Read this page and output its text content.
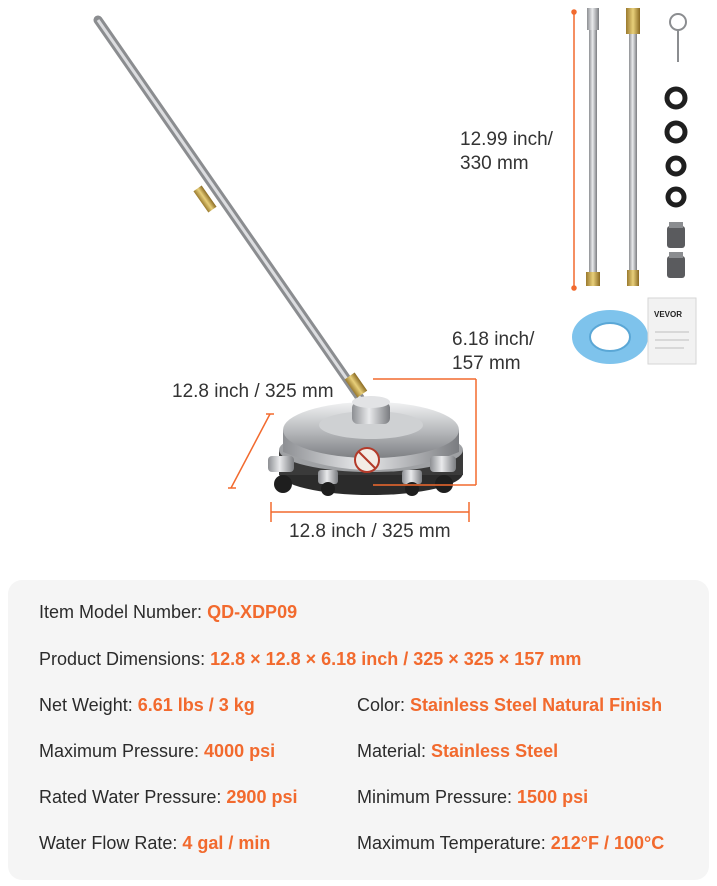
12.99 inch/
330 mm
6.18 inch/
157 mm
12.8 inch / 325 mm
12.8 inch / 325 mm
VEVOR
Item Model Number: QD-XDP09
Product Dimensions: 12.8 × 12.8 × 6.18 inch / 325 × 325 × 157 mm
Net Weight: 6.61 lbs / 3 kg	Color: Stainless Steel Natural Finish
Maximum Pressure: 4000 psi	Material: Stainless Steel
Rated Water Pressure: 2900 psi	Minimum Pressure: 1500 psi
Water Flow Rate: 4 gal / min	Maximum Temperature: 212°F / 100°C
